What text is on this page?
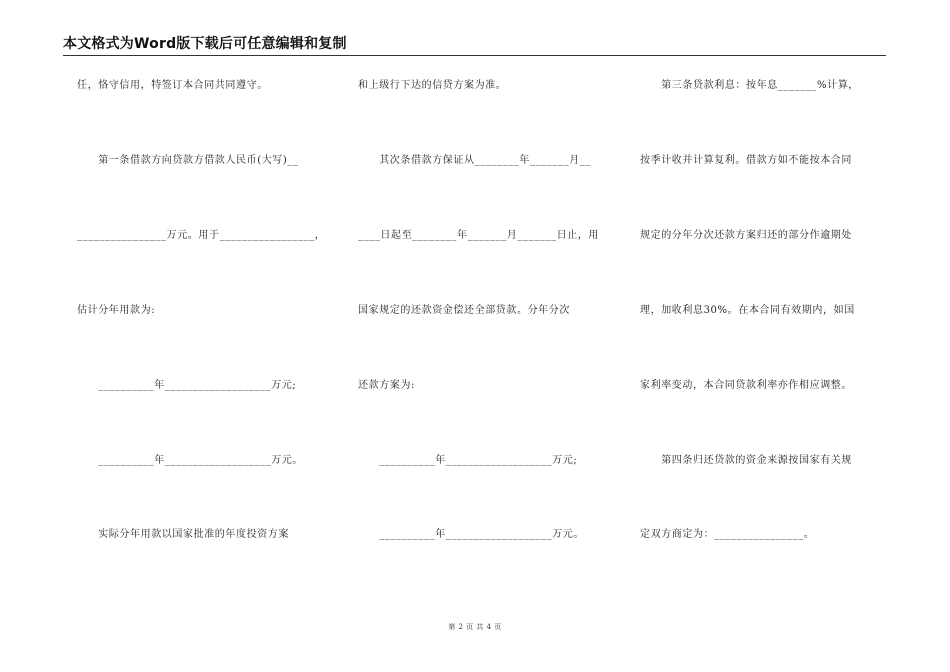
本文格式为Word版下载后可任意编辑和复制
任，恪守信用，特签订本合同共同遵守。
　　第一条借款方向贷款方借款人民币(大写)__
________________万元。用于_________________，
估计分年用款为:
　　__________年___________________万元;
　　__________年___________________万元。
　　实际分年用款以国家批准的年度投资方案
和上级行下达的信贷方案为准。
　　其次条借款方保证从________年_______月__
____日起至________年_______月_______日止，用
国家规定的还款资金偿还全部贷款。分年分次
还款方案为:
　　__________年___________________万元;
　　__________年___________________万元。
　　第三条贷款利息：按年息_______%计算，
按季计收并计算复利。借款方如不能按本合同
规定的分年分次还款方案归还的部分作逾期处
理，加收利息30%。在本合同有效期内，如国
家利率变动，本合同贷款利率亦作相应调整。
　　第四条归还贷款的资金来源按国家有关规
定双方商定为：________________。
第 2 页 共 4 页
